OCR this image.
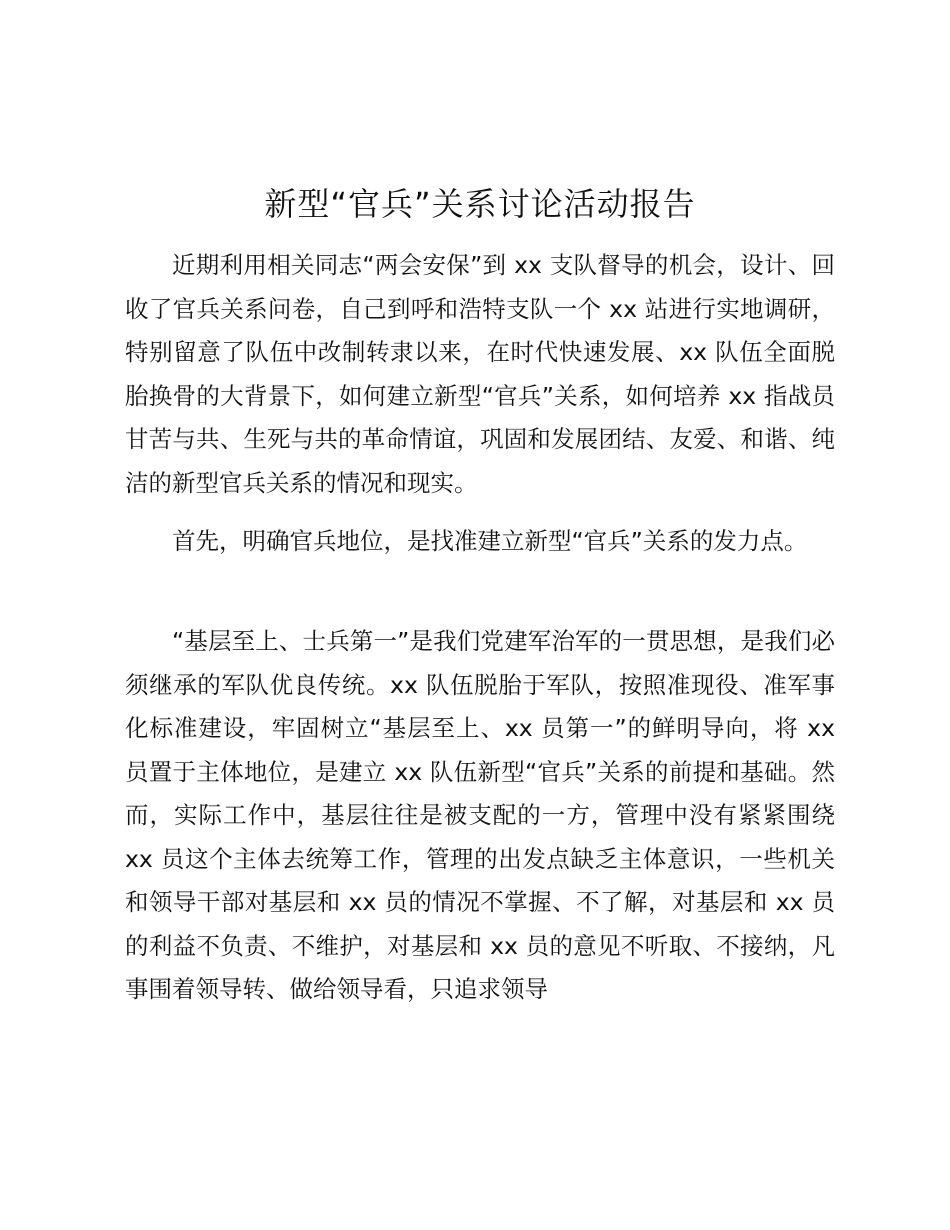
新型“官兵”关系讨论活动报告

近期利用相关同志“两会安保”到 xx 支队督导的机会，设计、回收了官兵关系问卷，自己到呼和浩特支队一个 xx 站进行实地调研，特别留意了队伍中改制转隶以来，在时代快速发展、xx 队伍全面脱胎换骨的大背景下，如何建立新型“官兵”关系，如何培养 xx 指战员甘苦与共、生死与共的革命情谊，巩固和发展团结、友爱、和谐、纯洁的新型官兵关系的情况和现实。

首先，明确官兵地位，是找准建立新型“官兵”关系的发力点。

“基层至上、士兵第一”是我们党建军治军的一贯思想，是我们必须继承的军队优良传统。xx 队伍脱胎于军队，按照准现役、准军事化标准建设，牢固树立“基层至上、xx 员第一”的鲜明导向，将 xx 员置于主体地位，是建立 xx 队伍新型“官兵”关系的前提和基础。然而，实际工作中，基层往往是被支配的一方，管理中没有紧紧围绕 xx 员这个主体去统筹工作，管理的出发点缺乏主体意识，一些机关和领导干部对基层和 xx 员的情况不掌握、不了解，对基层和 xx 员的利益不负责、不维护，对基层和 xx 员的意见不听取、不接纳，凡事围着领导转、做给领导看，只追求领导
